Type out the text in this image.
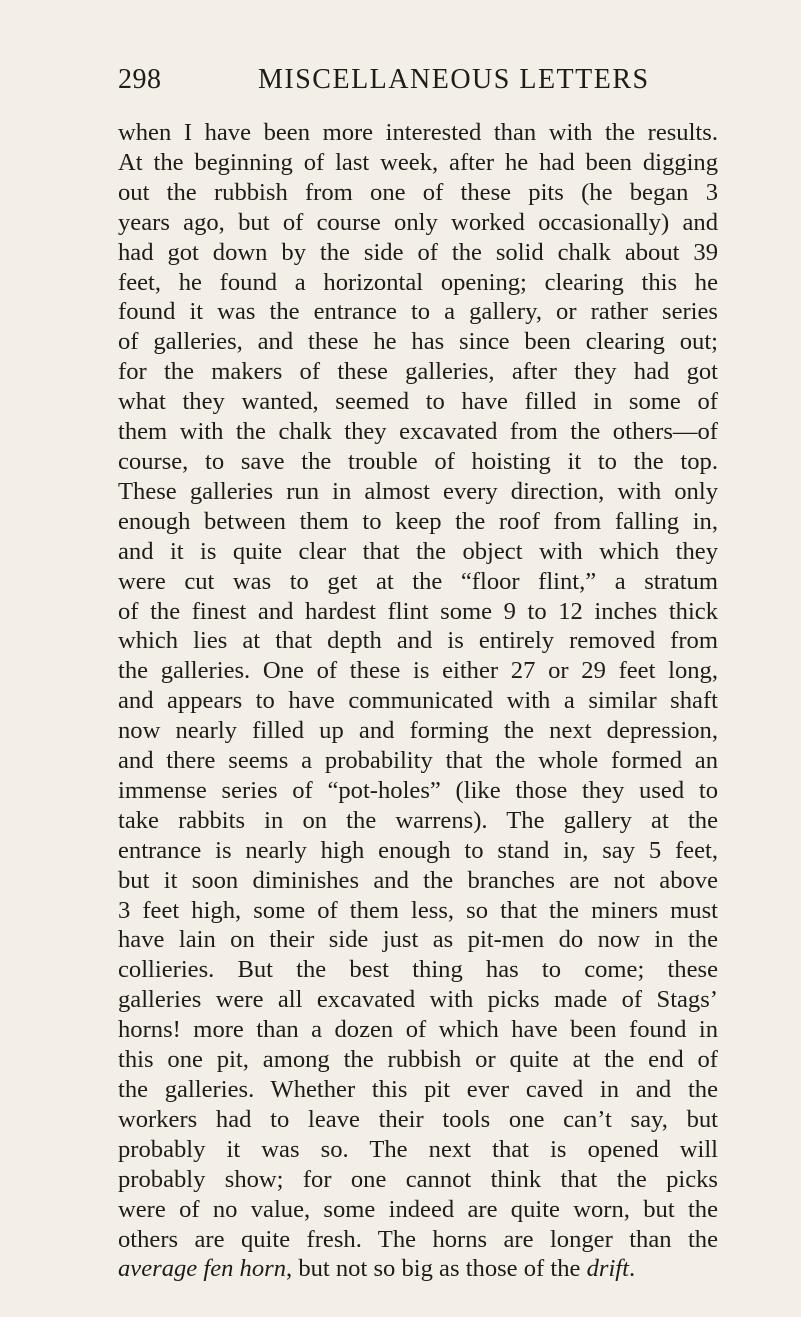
298	MISCELLANEOUS LETTERS
when I have been more interested than with the results.
At the beginning of last week, after he had been digging
out the rubbish from one of these pits (he began 3
years ago, but of course only worked occasionally) and
had got down by the side of the solid chalk about 39
feet, he found a horizontal opening; clearing this he
found it was the entrance to a gallery, or rather series
of galleries, and these he has since been clearing out;
for the makers of these galleries, after they had got
what they wanted, seemed to have filled in some of
them with the chalk they excavated from the others—of
course, to save the trouble of hoisting it to the top.
These galleries run in almost every direction, with only
enough between them to keep the roof from falling in,
and it is quite clear that the object with which they
were cut was to get at the “floor flint,” a stratum
of the finest and hardest flint some 9 to 12 inches thick
which lies at that depth and is entirely removed from
the galleries. One of these is either 27 or 29 feet long,
and appears to have communicated with a similar shaft
now nearly filled up and forming the next depression,
and there seems a probability that the whole formed an
immense series of “pot-holes” (like those they used to
take rabbits in on the warrens). The gallery at the
entrance is nearly high enough to stand in, say 5 feet,
but it soon diminishes and the branches are not above
3 feet high, some of them less, so that the miners must
have lain on their side just as pit-men do now in the
collieries. But the best thing has to come; these
galleries were all excavated with picks made of Stags’
horns! more than a dozen of which have been found in
this one pit, among the rubbish or quite at the end of
the galleries. Whether this pit ever caved in and the
workers had to leave their tools one can’t say, but
probably it was so. The next that is opened will
probably show; for one cannot think that the picks
were of no value, some indeed are quite worn, but the
others are quite fresh. The horns are longer than the
average fen horn, but not so big as those of the drift.
